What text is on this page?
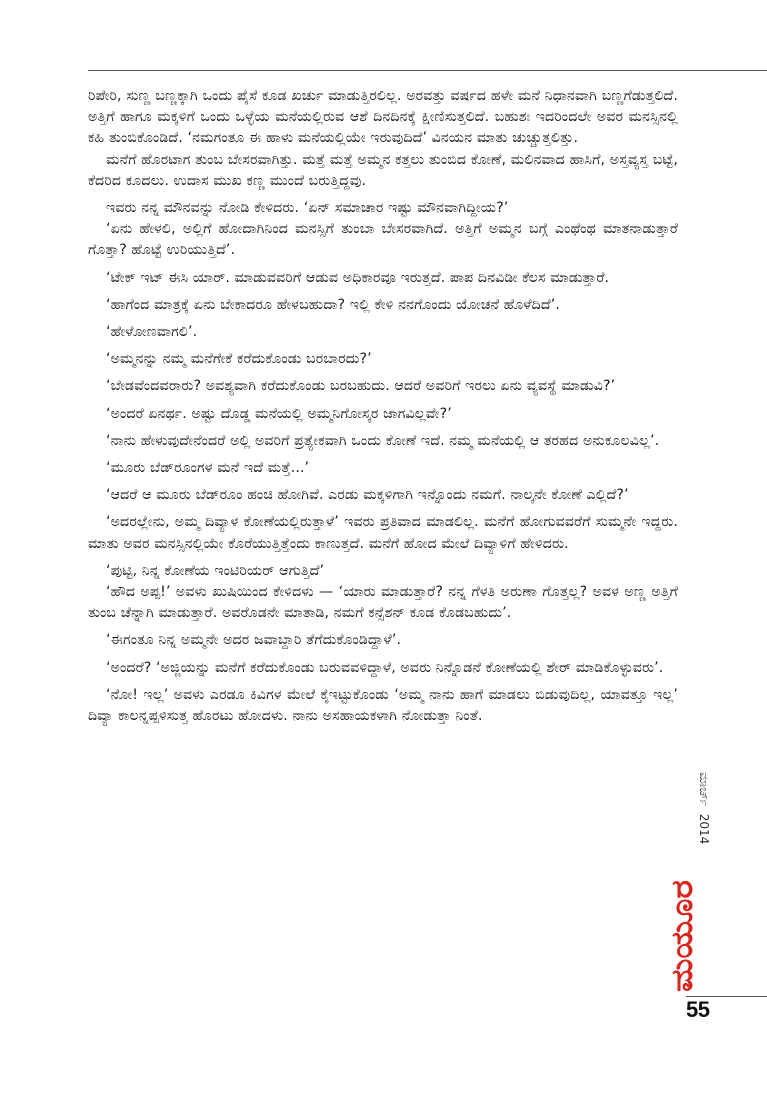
ರಿಪೇರಿ, ಸುಣ್ಣ ಬಣ್ಣಕ್ಕಾಗಿ ಒಂದು ಪೈಸೆ ಕೂಡ ಖರ್ಚು ಮಾಡುತ್ತಿರಲಿಲ್ಲ. ಅರವತ್ತು ವರ್ಷದ ಹಳೇ ಮನೆ ನಿಧಾನವಾಗಿ ಬಣ್ಣಗೆಡುತ್ತಲಿದೆ. ಅತ್ತಿಗೆ ಹಾಗೂ ಮಕ್ಕಳಿಗೆ ಒಂದು ಒಳ್ಳೆಯ ಮನೆಯಲ್ಲಿರುವ ಆಶೆ ದಿನದಿನಕ್ಕೆ ಕ್ಷೀಣಿಸುತ್ತಲಿದೆ. ಬಹುಶಃ ಇದರಿಂದಲೇ ಅವರ ಮನಸ್ಸಿನಲ್ಲಿ ಕಹಿ ತುಂಬಿಕೊಂಡಿದೆ. ‘ನಮಗಂತೂ ಈ ಹಾಳು ಮನೆಯಲ್ಲಿಯೇ ಇರುವುದಿದೆ’ ವಿನಯನ ಮಾತು ಚುಚ್ಚುತ್ತಲಿತ್ತು.

ಮನೆಗೆ ಹೊರಟಾಗ ತುಂಬ ಬೇಸರವಾಗಿತ್ತು. ಮತ್ತೆ ಮತ್ತೆ ಅಮ್ಮನ ಕತ್ತಲು ತುಂಬಿದ ಕೋಣೆ, ಮಲಿನವಾದ ಹಾಸಿಗೆ, ಅಸ್ತವ್ಯಸ್ತ ಬಟ್ಟೆ, ಕೆದರಿದ ಕೂದಲು. ಉದಾಸ ಮುಖ ಕಣ್ಣ ಮುಂದೆ ಬರುತ್ತಿದ್ದವು.

ಇವರು ನನ್ನ ಮೌನವನ್ನು ನೋಡಿ ಕೇಳಿದರು. ‘ಏನ್ ಸಮಾಚಾರ ಇಷ್ಟು ಮೌನವಾಗಿದ್ದೀಯ?’

‘ಏನು ಹೇಳಲಿ, ಅಲ್ಲಿಗೆ ಹೋದಾಗಿನಿಂದ ಮನಸ್ಸಿಗೆ ತುಂಬಾ ಬೇಸರವಾಗಿದೆ. ಅತ್ತಿಗೆ ಅಮ್ಮನ ಬಗ್ಗೆ ಎಂಥೆಂಥ ಮಾತನಾಡುತ್ತಾರೆ ಗೊತ್ತಾ? ಹೊಟ್ಟೆ ಉರಿಯುತ್ತಿದೆ’.

‘ಟೇಕ್ ಇಟ್ ಈಸಿ ಯಾರ್. ಮಾಡುವವರಿಗೆ ಆಡುವ ಅಧಿಕಾರವೂ ಇರುತ್ತದೆ. ಪಾಪ ದಿನವಿಡೀ ಕೆಲಸ ಮಾಡುತ್ತಾರೆ.

‘ಹಾಗೆಂದ ಮಾತ್ರಕ್ಕೆ ಏನು ಬೇಕಾದರೂ ಹೇಳಬಹುದಾ? ಇಲ್ಲಿ ಕೇಳಿ ನನಗೊಂದು ಯೋಚನೆ ಹೊಳೆದಿದೆ’.

‘ಹೇಳೋಣವಾಗಲಿ’.

‘ಅಮ್ಮನನ್ನು ನಮ್ಮ ಮನೆಗೇಕೆ ಕರೆದುಕೊಂಡು ಬರಬಾರದು?’

‘ಬೇಡವೆಂದವರಾರು? ಅವಶ್ಯವಾಗಿ ಕರೆದುಕೊಂಡು ಬರಬಹುದು. ಆದರೆ ಅವರಿಗೆ ಇರಲು ಏನು ವ್ಯವಸ್ಥೆ ಮಾಡುವಿ?’

‘ಅಂದರೆ ಏನರ್ಥ. ಅಷ್ಟು ದೊಡ್ಡ ಮನೆಯಲ್ಲಿ ಅಮ್ಮನಿಗೋಸ್ಕರ ಜಾಗವಿಲ್ಲವೇ?’

‘ನಾನು ಹೇಳುವುದೇನೆಂದರೆ ಅಲ್ಲಿ ಅವರಿಗೆ ಪ್ರತ್ಯೇಕವಾಗಿ ಒಂದು ಕೋಣೆ ಇದೆ. ನಮ್ಮ ಮನೆಯಲ್ಲಿ ಆ ತರಹದ ಅನುಕೂಲವಿಲ್ಲ’.

‘ಮೂರು ಬೆಡ್‌ರೂಂಗಳ ಮನೆ ಇದೆ ಮತ್ತೆ...’

‘ಆದರೆ ಆ ಮೂರು ಬೆಡ್‌ರೂಂ ಹಂಚಿ ಹೋಗಿವೆ. ಎರಡು ಮಕ್ಕಳಿಗಾಗಿ ಇನ್ನೊಂದು ನಮಗೆ. ನಾಲ್ಕನೇ ಕೋಣೆ ಎಲ್ಲಿದೆ?’

‘ಅದರಲ್ಲೇನು, ಅಮ್ಮ ದಿವ್ಯಾಳ ಕೋಣೆಯಲ್ಲಿರುತ್ತಾಳೆ’ ಇವರು ಪ್ರತಿವಾದ ಮಾಡಲಿಲ್ಲ. ಮನೆಗೆ ಹೋಗುವವರೆಗೆ ಸುಮ್ಮನೇ ಇದ್ದರು. ಮಾತು ಅವರ ಮನಸ್ಸಿನಲ್ಲಿಯೇ ಕೊರೆಯುತ್ತಿತ್ತೆಂದು ಕಾಣುತ್ತದೆ. ಮನೆಗೆ ಹೋದ ಮೇಲೆ ದಿವ್ಯಾಳಿಗೆ ಹೇಳಿದರು.

‘ಪುಟ್ಟಿ, ನಿನ್ನ ಕೋಣೆಯ ಇಂಟಿರಿಯರ್ ಆಗುತ್ತಿದೆ’

‘ಹೌದ ಅಪ್ಪ!’ ಅವಳು ಖುಷಿಯಿಂದ ಕೇಳಿದಳು — ‘ಯಾರು ಮಾಡುತ್ತಾರೆ? ನನ್ನ ಗೆಳತಿ ಅರುಣಾ ಗೊತ್ತಲ್ಲ? ಅವಳ ಅಣ್ಣ ಅತ್ತಿಗೆ ತುಂಬ ಚೆನ್ನಾಗಿ ಮಾಡುತ್ತಾರೆ. ಅವರೊಡನೇ ಮಾತಾಡಿ, ನಮಗೆ ಕನ್ಸೆಶನ್ ಕೂಡ ಕೊಡಬಹುದು’.

‘ಈಗಂತೂ ನಿನ್ನ ಅಮ್ಮನೇ ಅದರ ಜವಾಬ್ದಾರಿ ತೆಗೆದುಕೊಂಡಿದ್ದಾಳೆ’.

‘ಅಂದರೆ? ‘ಅಜ್ಜಿಯನ್ನು ಮನೆಗೆ ಕರೆದುಕೊಂಡು ಬರುವವಳಿದ್ದಾಳೆ, ಅವರು ನಿನ್ನೊಡನೆ ಕೋಣೆಯಲ್ಲಿ ಶೇರ್ ಮಾಡಿಕೊಳ್ಳುವರು’.

‘ನೋ! ಇಲ್ಲ’ ಅವಳು ಎರಡೂ ಕಿವಿಗಳ ಮೇಲೆ ಕೈಇಟ್ಟುಕೊಂಡು ‘ಅಮ್ಮ ನಾನು ಹಾಗೆ ಮಾಡಲು ಬಿಡುವುದಿಲ್ಲ, ಯಾವತ್ತೂ ಇಲ್ಲ’ ದಿವ್ಯಾ ಕಾಲನ್ನಪ್ಪಳಿಸುತ್ತ ಹೊರಟು ಹೋದಳು. ನಾನು ಅಸಹಾಯಕಳಾಗಿ ನೋಡುತ್ತಾ ನಿಂತೆ.

ಮಾರ್ಚ್ 2014
ಮಯೂರ
55
